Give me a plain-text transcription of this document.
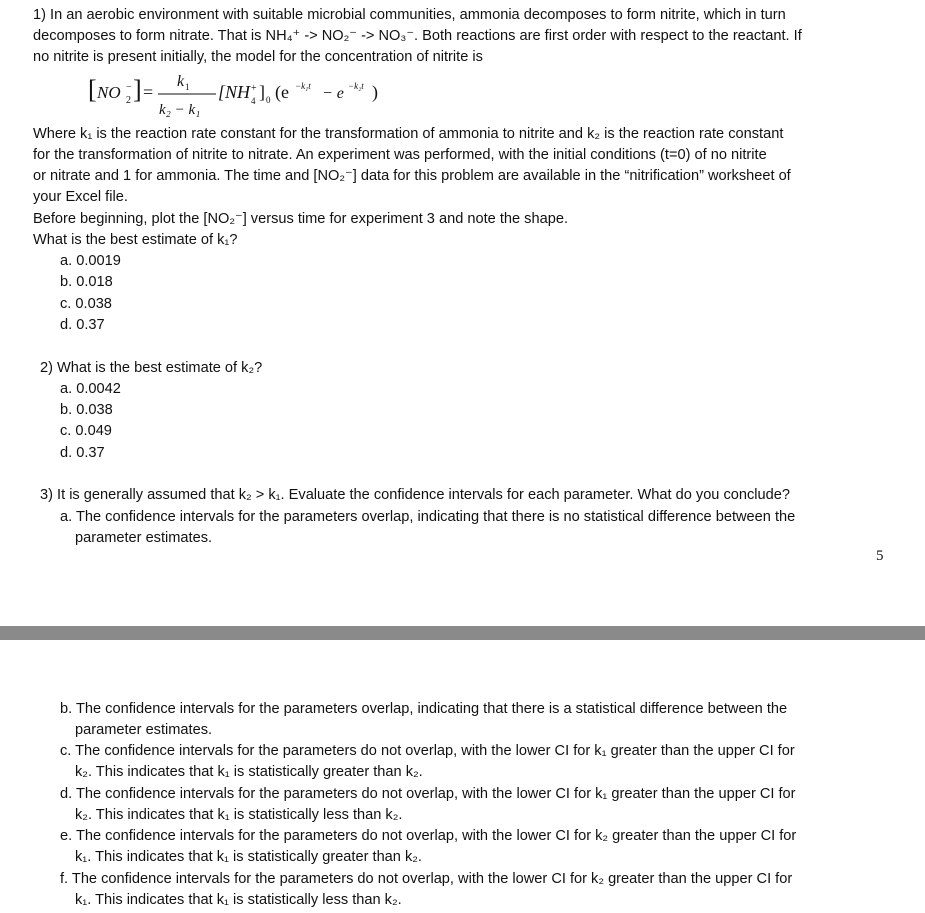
1) In an aerobic environment with suitable microbial communities, ammonia decomposes to form nitrite, which in turn
decomposes to form nitrate. That is NH₄⁺ -> NO₂⁻ -> NO₃⁻. Both reactions are first order with respect to the reactant. If
no nitrite is present initially, the model for the concentration of nitrite is
[ NO 2
− ] =
k 1
k₂ − k₁
[NH 4
+ ] 0 (e −k₁t − e −k₂t )
Where k₁ is the reaction rate constant for the transformation of ammonia to nitrite and k₂ is the reaction rate constant
for the transformation of nitrite to nitrate. An experiment was performed, with the initial conditions (t=0) of no nitrite
or nitrate and 1 for ammonia. The time and [NO₂⁻] data for this problem are available in the “nitrification” worksheet of
your Excel file.
Before beginning, plot the [NO₂⁻] versus time for experiment 3 and note the shape.
What is the best estimate of k₁?
a. 0.0019
b. 0.018
c. 0.038
d. 0.37
2) What is the best estimate of k₂?
a. 0.0042
b. 0.038
c. 0.049
d. 0.37
3) It is generally assumed that k₂ > k₁. Evaluate the confidence intervals for each parameter. What do you conclude?
a. The confidence intervals for the parameters overlap, indicating that there is no statistical difference between the
parameter estimates.
5
b. The confidence intervals for the parameters overlap, indicating that there is a statistical difference between the
parameter estimates.
c. The confidence intervals for the parameters do not overlap, with the lower CI for k₁ greater than the upper CI for
k₂. This indicates that k₁ is statistically greater than k₂.
d. The confidence intervals for the parameters do not overlap, with the lower CI for k₁ greater than the upper CI for
k₂. This indicates that k₁ is statistically less than k₂.
e. The confidence intervals for the parameters do not overlap, with the lower CI for k₂ greater than the upper CI for
k₁. This indicates that k₁ is statistically greater than k₂.
f. The confidence intervals for the parameters do not overlap, with the lower CI for k₂ greater than the upper CI for
k₁. This indicates that k₁ is statistically less than k₂.
